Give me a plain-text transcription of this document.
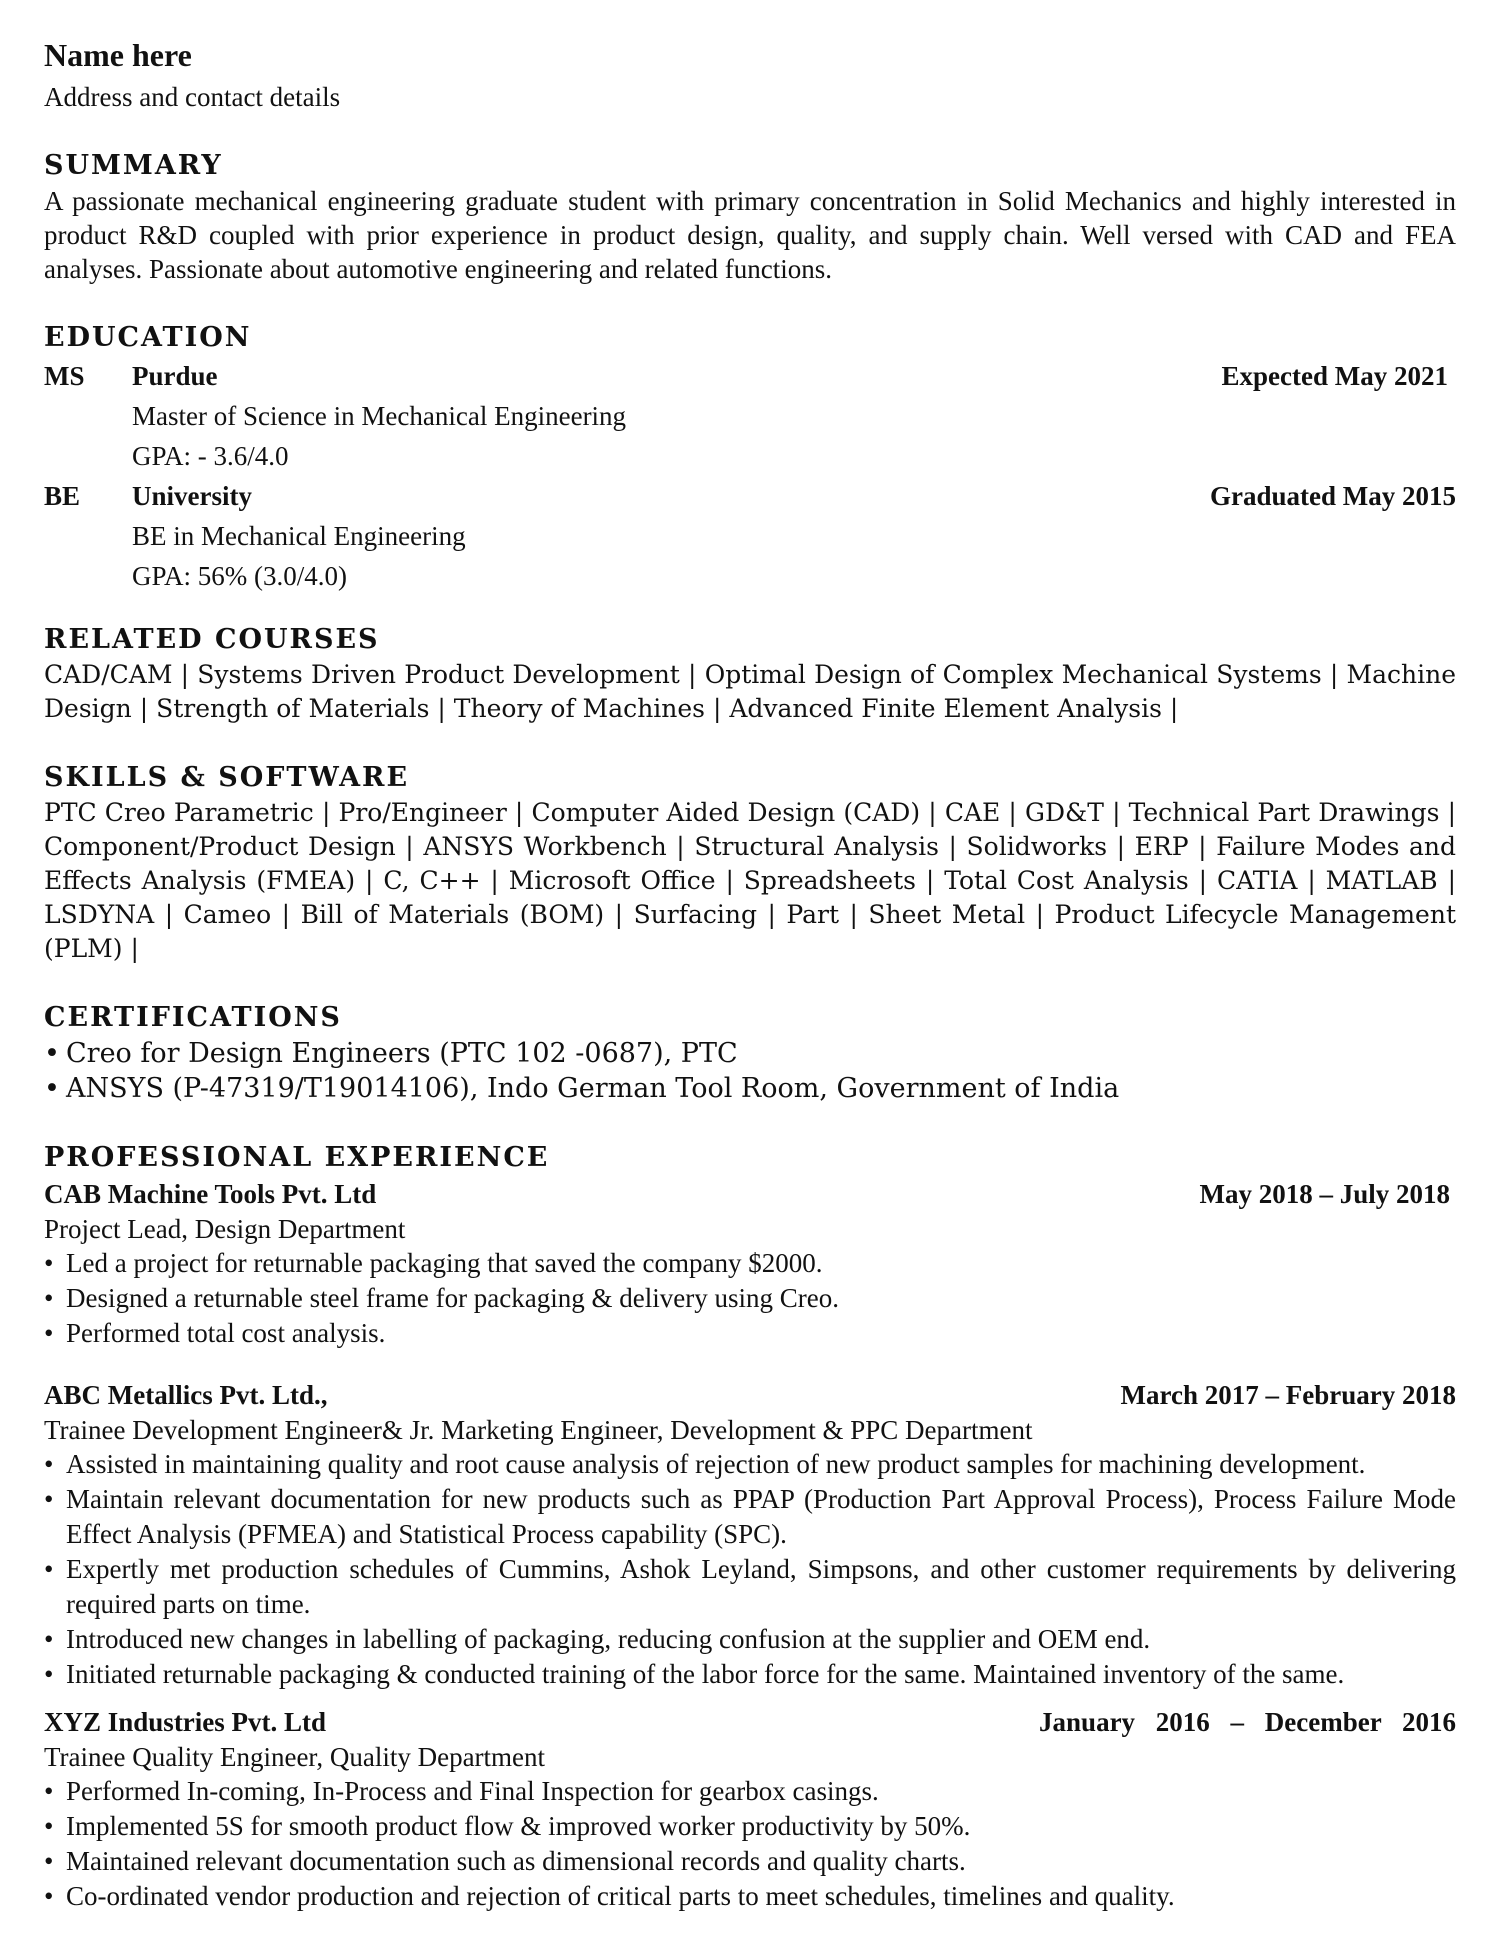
Name here

Address and contact details

SUMMARY

A passionate mechanical engineering graduate student with primary concentration in Solid Mechanics and highly interested in product R&D coupled with prior experience in product design, quality, and supply chain. Well versed with CAD and FEA analyses. Passionate about automotive engineering and related functions.

EDUCATION

MS	Purdue	Expected May 2021

Master of Science in Mechanical Engineering

GPA: - 3.6/4.0

BE	University	Graduated May 2015

BE in Mechanical Engineering

GPA: 56% (3.0/4.0)

RELATED COURSES

CAD/CAM | Systems Driven Product Development | Optimal Design of Complex Mechanical Systems | Machine Design | Strength of Materials | Theory of Machines | Advanced Finite Element Analysis |

SKILLS & SOFTWARE

PTC Creo Parametric | Pro/Engineer | Computer Aided Design (CAD) | CAE | GD&T | Technical Part Drawings | Component/Product Design | ANSYS Workbench | Structural Analysis | Solidworks | ERP | Failure Modes and Effects Analysis (FMEA) | C, C++ | Microsoft Office | Spreadsheets | Total Cost Analysis | CATIA | MATLAB | LSDYNA | Cameo | Bill of Materials (BOM) | Surfacing | Part | Sheet Metal | Product Lifecycle Management (PLM) |

CERTIFICATIONS

• Creo for Design Engineers (PTC 102 -0687), PTC
• ANSYS (P-47319/T19014106), Indo German Tool Room, Government of India

PROFESSIONAL EXPERIENCE

CAB Machine Tools Pvt. Ltd	May 2018 – July 2018

Project Lead, Design Department

• Led a project for returnable packaging that saved the company $2000.
• Designed a returnable steel frame for packaging & delivery using Creo.
• Performed total cost analysis.
ABC Metallics Pvt. Ltd.,	March 2017 – February 2018

Trainee Development Engineer& Jr. Marketing Engineer, Development & PPC Department

• Assisted in maintaining quality and root cause analysis of rejection of new product samples for machining development.
• Maintain relevant documentation for new products such as PPAP (Production Part Approval Process), Process Failure Mode Effect Analysis (PFMEA) and Statistical Process capability (SPC).
• Expertly met production schedules of Cummins, Ashok Leyland, Simpsons, and other customer requirements by delivering required parts on time.
• Introduced new changes in labelling of packaging, reducing confusion at the supplier and OEM end.
• Initiated returnable packaging & conducted training of the labor force for the same. Maintained inventory of the same.
XYZ Industries Pvt. Ltd	January 2016 – December 2016

Trainee Quality Engineer, Quality Department

• Performed In-coming, In-Process and Final Inspection for gearbox casings.
• Implemented 5S for smooth product flow & improved worker productivity by 50%.
• Maintained relevant documentation such as dimensional records and quality charts.
• Co-ordinated vendor production and rejection of critical parts to meet schedules, timelines and quality.
